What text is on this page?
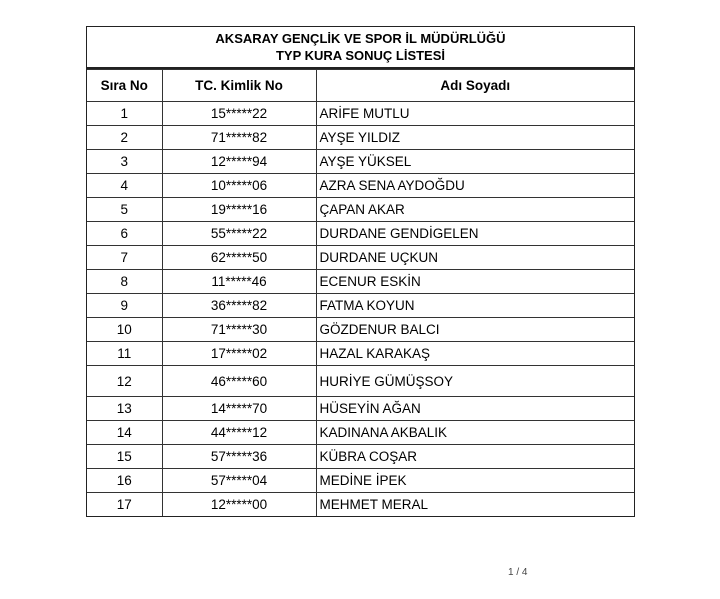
AKSARAY GENÇLİK VE SPOR İL MÜDÜRLÜĞÜ
TYP KURA SONUÇ LİSTESİ
Sıra No	TC. Kimlik No	Adı Soyadı
1	15*****22	ARİFE MUTLU
2	71*****82	AYŞE YILDIZ
3	12*****94	AYŞE YÜKSEL
4	10*****06	AZRA SENA AYDOĞDU
5	19*****16	ÇAPAN AKAR
6	55*****22	DURDANE GENDİGELEN
7	62*****50	DURDANE UÇKUN
8	11*****46	ECENUR ESKİN
9	36*****82	FATMA KOYUN
10	71*****30	GÖZDENUR BALCI
11	17*****02	HAZAL KARAKAŞ
12	46*****60	HURİYE GÜMÜŞSOY
13	14*****70	HÜSEYİN AĞAN
14	44*****12	KADINANA AKBALIK
15	57*****36	KÜBRA COŞAR
16	57*****04	MEDİNE İPEK
17	12*****00	MEHMET MERAL
1 / 4
